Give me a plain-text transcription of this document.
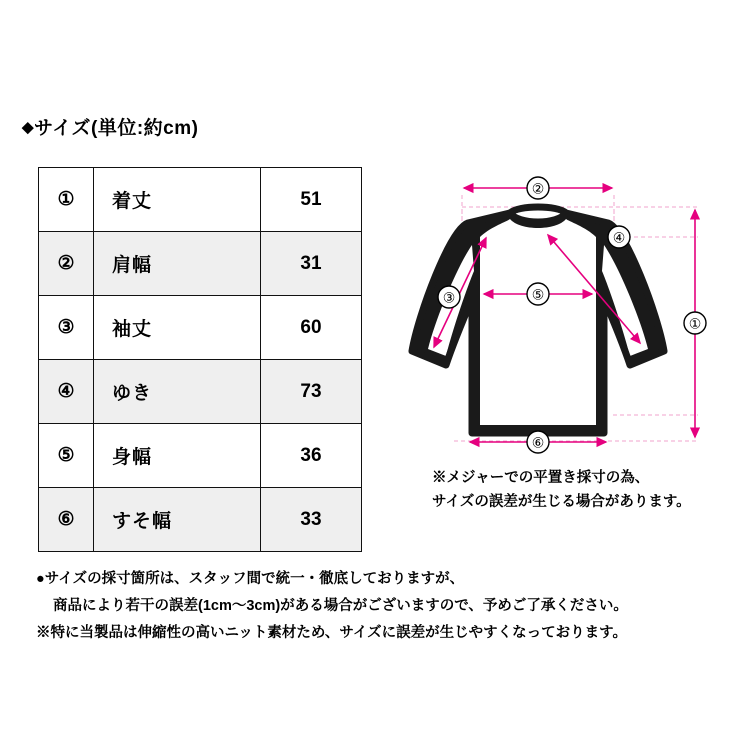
◆サイズ(単位:約cm)
①	着丈	51
②	肩幅	31
③	袖丈	60
④	ゆき	73
⑤	身幅	36
⑥	すそ幅	33
②
①
③
④
⑤
⑥
※メジャーでの平置き採寸の為、
サイズの誤差が生じる場合があります。
●サイズの採寸箇所は、スタッフ間で統一・徹底しておりますが、
商品により若干の誤差(1cm～3cm)がある場合がございますので、予めご了承ください。
※特に当製品は伸縮性の高いニット素材ため、サイズに誤差が生じやすくなっております。
